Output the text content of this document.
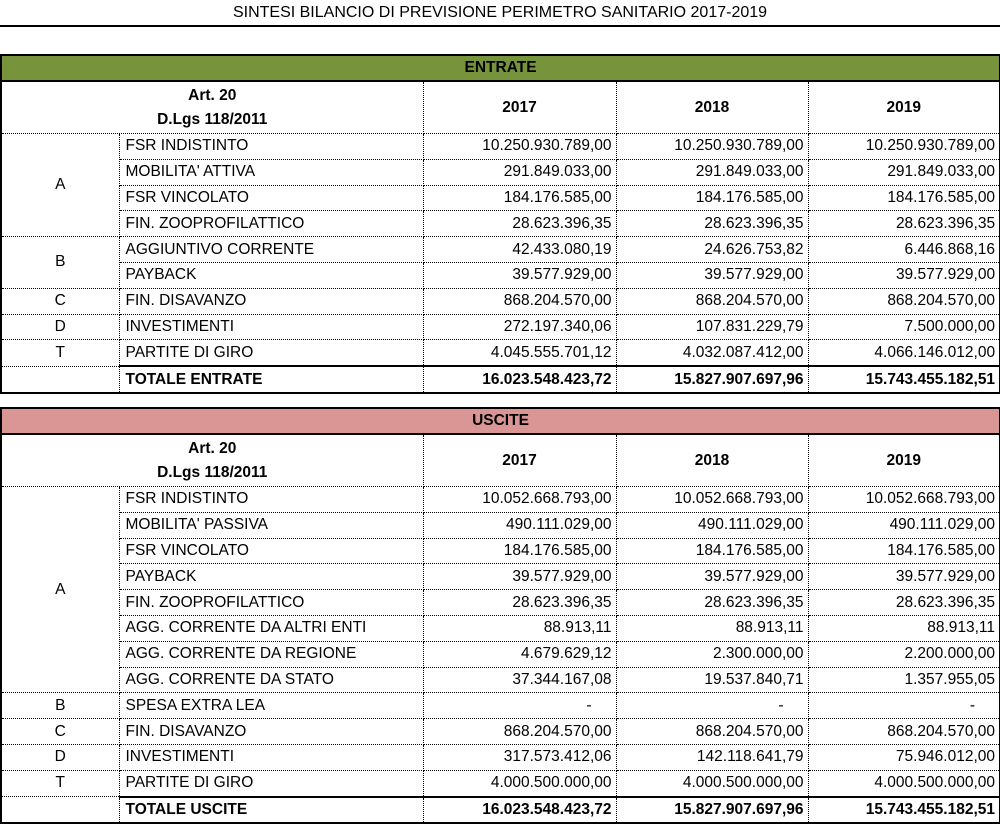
SINTESI BILANCIO DI PREVISIONE PERIMETRO SANITARIO 2017-2019
ENTRATE				

Art. 20
D.Lgs 118/2011		2017	2018	2019
A	FSR INDISTINTO	10.250.930.789,00	10.250.930.789,00	10.250.930.789,00
	MOBILITA' ATTIVA	291.849.033,00	291.849.033,00	291.849.033,00
	FSR VINCOLATO	184.176.585,00	184.176.585,00	184.176.585,00
	FIN. ZOOPROFILATTICO	28.623.396,35	28.623.396,35	28.623.396,35
B	AGGIUNTIVO CORRENTE	42.433.080,19	24.626.753,82	6.446.868,16
	PAYBACK	39.577.929,00	39.577.929,00	39.577.929,00
C	FIN. DISAVANZO	868.204.570,00	868.204.570,00	868.204.570,00
D	INVESTIMENTI	272.197.340,06	107.831.229,79	7.500.000,00
T	PARTITE DI GIRO	4.045.555.701,12	4.032.087.412,00	4.066.146.012,00
	TOTALE ENTRATE	16.023.548.423,72	15.827.907.697,96	15.743.455.182,51
USCITE				

Art. 20
D.Lgs 118/2011		2017	2018	2019
A	FSR INDISTINTO	10.052.668.793,00	10.052.668.793,00	10.052.668.793,00
	MOBILITA' PASSIVA	490.111.029,00	490.111.029,00	490.111.029,00
	FSR VINCOLATO	184.176.585,00	184.176.585,00	184.176.585,00
	PAYBACK	39.577.929,00	39.577.929,00	39.577.929,00
	FIN. ZOOPROFILATTICO	28.623.396,35	28.623.396,35	28.623.396,35
	AGG. CORRENTE DA ALTRI ENTI	88.913,11	88.913,11	88.913,11
	AGG. CORRENTE DA REGIONE	4.679.629,12	2.300.000,00	2.200.000,00
	AGG. CORRENTE DA STATO	37.344.167,08	19.537.840,71	1.357.955,05
B	SPESA EXTRA LEA	-	-	-
C	FIN. DISAVANZO	868.204.570,00	868.204.570,00	868.204.570,00
D	INVESTIMENTI	317.573.412,06	142.118.641,79	75.946.012,00
T	PARTITE DI GIRO	4.000.500.000,00	4.000.500.000,00	4.000.500.000,00
	TOTALE USCITE	16.023.548.423,72	15.827.907.697,96	15.743.455.182,51
